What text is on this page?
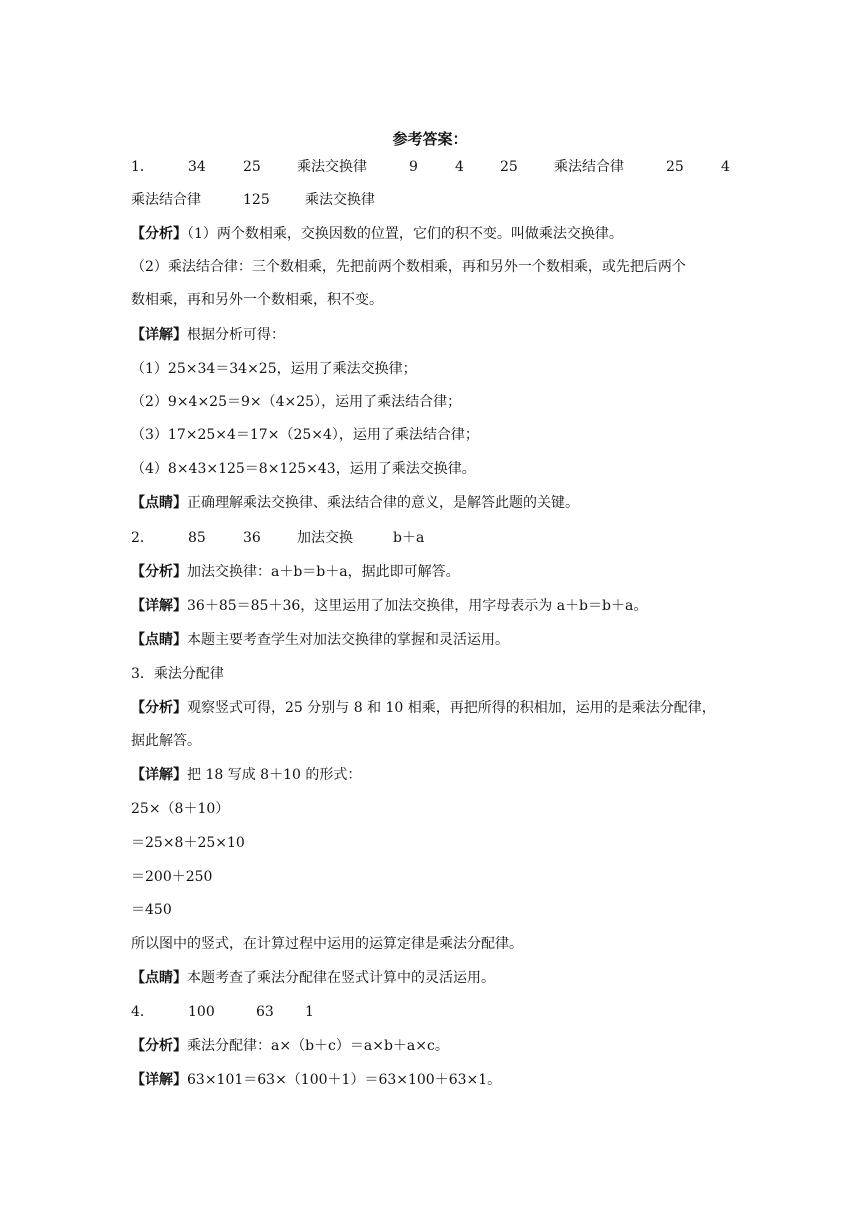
参考答案：
1． 34	25	乘法交换律	9	4	25	乘法结合律	25	4
乘法结合律	125	乘法交换律
【分析】（1）两个数相乘，交换因数的位置，它们的积不变。叫做乘法交换律。
（2）乘法结合律：三个数相乘，先把前两个数相乘，再和另外一个数相乘，或先把后两个
数相乘，再和另外一个数相乘，积不变。
【详解】根据分析可得：
（1）25×34＝34×25，运用了乘法交换律；
（2）9×4×25＝9×（4×25），运用了乘法结合律；
（3）17×25×4＝17×（25×4），运用了乘法结合律；
（4）8×43×125＝8×125×43，运用了乘法交换律。
【点睛】正确理解乘法交换律、乘法结合律的意义，是解答此题的关键。
2． 85	36	加法交换	b＋a
【分析】加法交换律：a＋b＝b＋a，据此即可解答。
【详解】36＋85＝85＋36，这里运用了加法交换律，用字母表示为 a＋b＝b＋a。
【点睛】本题主要考查学生对加法交换律的掌握和灵活运用。
3．乘法分配律
【分析】观察竖式可得，25 分别与 8 和 10 相乘，再把所得的积相加，运用的是乘法分配律，
据此解答。
【详解】把 18 写成 8＋10 的形式：
25×（8＋10）
＝25×8＋25×10
＝200＋250
＝450
所以图中的竖式，在计算过程中运用的运算定律是乘法分配律。
【点睛】本题考查了乘法分配律在竖式计算中的灵活运用。
4． 100	63 1
【分析】乘法分配律：a×（b＋c）＝a×b＋a×c。
【详解】63×101＝63×（100＋1）＝63×100＋63×1。
